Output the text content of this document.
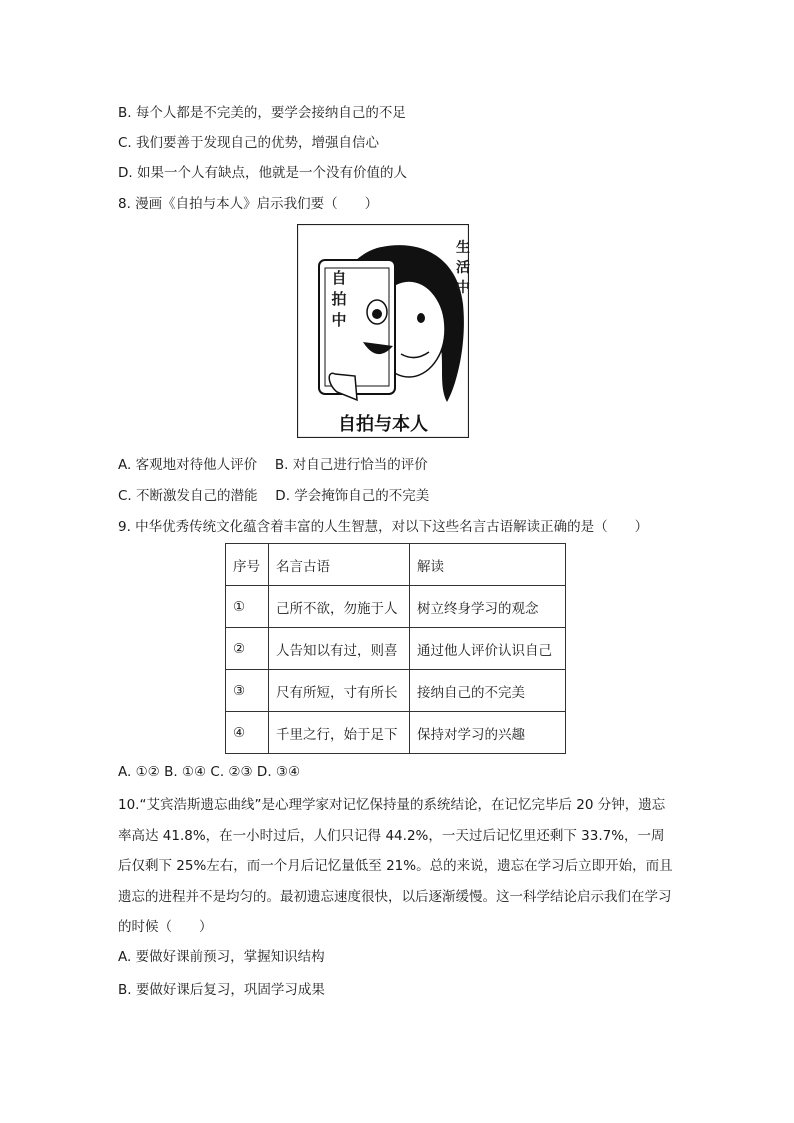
B. 每个人都是不完美的，要学会接纳自己的不足
C. 我们要善于发现自己的优势，增强自信心
D. 如果一个人有缺点，他就是一个没有价值的人
8. 漫画《自拍与本人》启示我们要（　　）
自拍与本人
自拍中
生活中
A. 客观地对待他人评价　 B. 对自己进行恰当的评价
C. 不断激发自己的潜能　 D. 学会掩饰自己的不完美
9. 中华优秀传统文化蕴含着丰富的人生智慧，对以下这些名言古语解读正确的是（　　）
序号	名言古语	解读
①	己所不欲，勿施于人	树立终身学习的观念
②	人告知以有过，则喜	通过他人评价认识自己
③	尺有所短，寸有所长	接纳自己的不完美
④	千里之行，始于足下	保持对学习的兴趣
A. ①② B. ①④ C. ②③ D. ③④
10.“艾宾浩斯遗忘曲线”是心理学家对记忆保持量的系统结论，在记忆完毕后 20 分钟，遗忘率高达 41.8%，在一小时过后，人们只记得 44.2%，一天过后记忆里还剩下 33.7%，一周后仅剩下 25%左右，而一个月后记忆量低至 21%。总的来说，遗忘在学习后立即开始，而且遗忘的进程并不是均匀的。最初遗忘速度很快，以后逐渐缓慢。这一科学结论启示我们在学习的时候（　　）
A. 要做好课前预习，掌握知识结构
B. 要做好课后复习，巩固学习成果
